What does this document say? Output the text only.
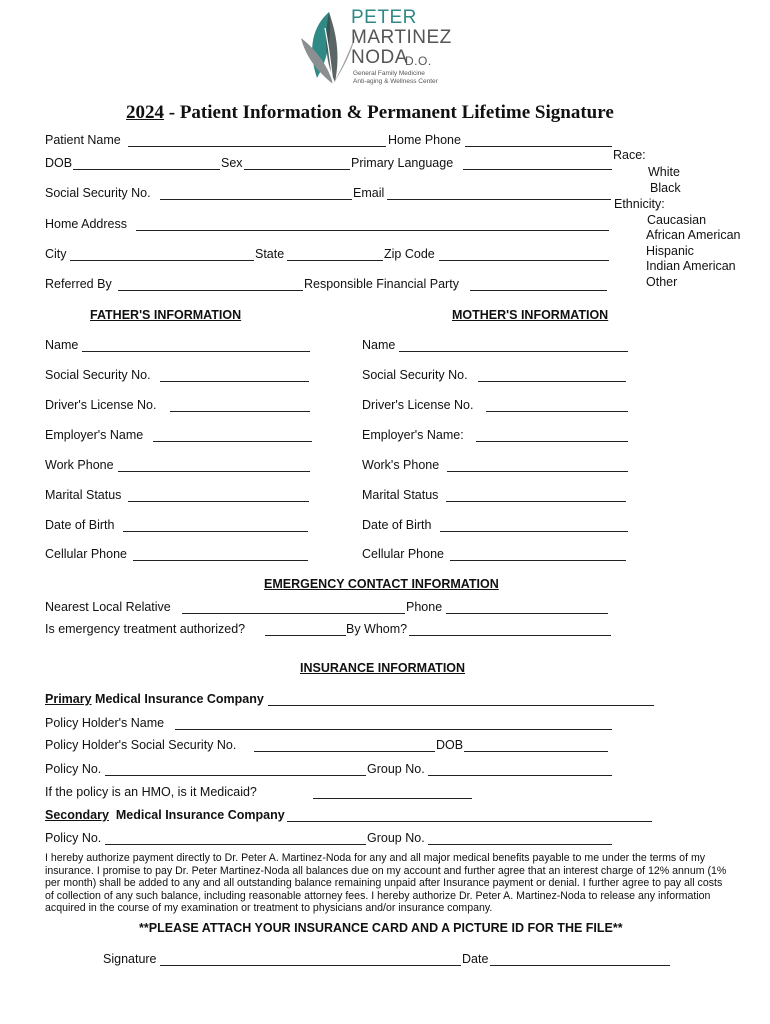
PETER
MARTINEZ
NODA
D.O.
General Family Medicine
Anti-aging & Wellness Center
2024 - Patient Information & Permanent Lifetime Signature
Patient Name	Home Phone
DOB	Sex	Primary Language
Social Security No.	Email
Home Address
City	State	Zip Code
Referred By	Responsible Financial Party
Race:
White
Black
Ethnicity:
Caucasian
African American
Hispanic
Indian American
Other
FATHER'S INFORMATION	MOTHER'S INFORMATION
Name
Social Security No.
Driver's License No.
Employer's Name
Work Phone
Marital Status
Date of Birth
Cellular Phone
Name
Social Security No.
Driver's License No.
Employer's Name:
Work's Phone
Marital Status
Date of Birth
Cellular Phone
EMERGENCY CONTACT INFORMATION
Nearest Local Relative	Phone
Is emergency treatment authorized?	By Whom?
INSURANCE INFORMATION
Primary Medical Insurance Company
Policy Holder's Name
Policy Holder's Social Security No.	DOB
Policy No.	Group No.
If the policy is an HMO, is it Medicaid?
Secondary  Medical Insurance Company
Policy No.	Group No.
I hereby authorize payment directly to Dr. Peter A. Martinez-Noda for any and all major medical benefits payable to me under the terms of my insurance. I promise to pay Dr. Peter Martinez-Noda all balances due on my account and further agree that an interest charge of 12% annum (1% per month) shall be added to any and all outstanding balance remaining unpaid after Insurance payment or denial. I further agree to pay all costs of collection of any such balance, including reasonable attorney fees. I hereby authorize Dr. Peter A. Martinez-Noda to release any information acquired in the course of my examination or treatment to physicians and/or insurance company.
**PLEASE ATTACH YOUR INSURANCE CARD AND A PICTURE ID FOR THE FILE**
Signature	Date
